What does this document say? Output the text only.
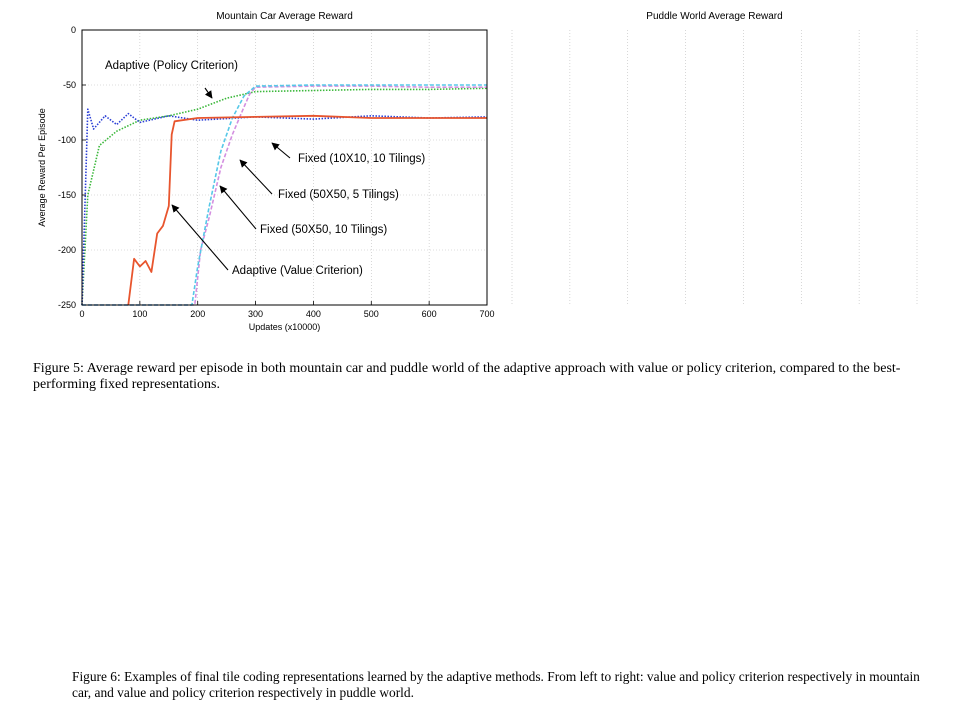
Mountain Car Average Reward
0	100	200	300	400	500	600	700
0
-50
-100
-150
-200
-250
Updates (x10000)
Average Reward Per Episode
Adaptive (Policy Criterion)
Fixed (10X10, 10 Tilings)
Fixed (50X50, 5 Tilings)
Fixed (50X50, 10 Tilings)
Adaptive (Value Criterion)
Puddle World Average Reward
Figure 5: Average reward per episode in both mountain car and puddle world of the adaptive approach with value or policy criterion, compared to the best-performing fixed representations.
Figure 6: Examples of final tile coding representations learned by the adaptive methods. From left to right: value and policy criterion respectively in mountain car, and value and policy criterion respectively in puddle world.
